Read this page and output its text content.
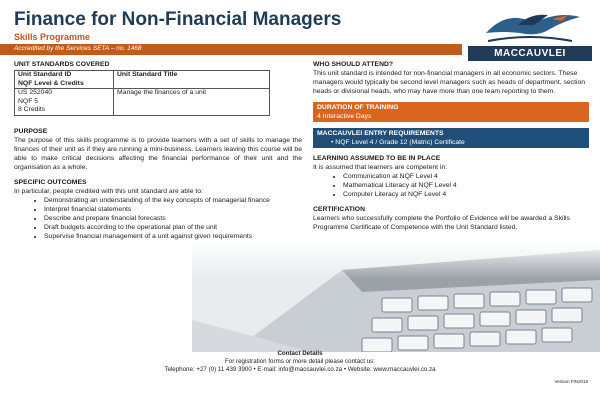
Finance for Non-Financial Managers
Skills Programme
MACCAUVLEI
Accredited by the Services SETA – no. 1468
UNIT STANDARDS COVERED
Unit Standard ID
NQF Level & Credits	Unit Standard Title

US 252040
NQF 5
8 Credits	Manage the finances of a unit
PURPOSE

The purpose of this skills programme is to provide learners with a set of skills to manage the finances of their unit as if they are running a mini-business. Learners leaving this course will be able to make critical decisions affecting the financial performance of their unit and the organisation as a whole.

SPECIFIC OUTCOMES

In particular, people credited with this unit standard are able to:

• Demonstrating an understanding of the key concepts of managerial finance
• Interpret financial statements
• Describe and prepare financial forecasts
• Draft budgets according to the operational plan of the unit
• Supervise financial management of a unit against given requirements
WHO SHOULD ATTEND?

This unit standard is intended for non-financial managers in all economic sectors. These managers would typically be second level managers such as heads of department, section heads or divisional heads, who may have more than one team reporting to them.

DURATION OF TRAINING
4 Interactive Days
MACCAUVLEI ENTRY REQUIREMENTS
• NQF Level 4 / Grade 12 (Matric) Certificate
LEARNING ASSUMED TO BE IN PLACE

It is assumed that learners are competent in:

• Communication at NQF Level 4
• Mathematical Literacy at NQF Level 4
• Computer Literacy at NQF Level 4
CERTIFICATION

Learners who successfully complete the Portfolio of Evidence will be awarded a Skills Programme Certificate of Competence with the Unit Standard listed.

Contact Details
For registration forms or more detail please contact us:
Telephone: +27 (0) 11 439 3900 • E-mail: info@maccauvlei.co.za • Website: www.maccauvlei.co.za
Version FIN2019
